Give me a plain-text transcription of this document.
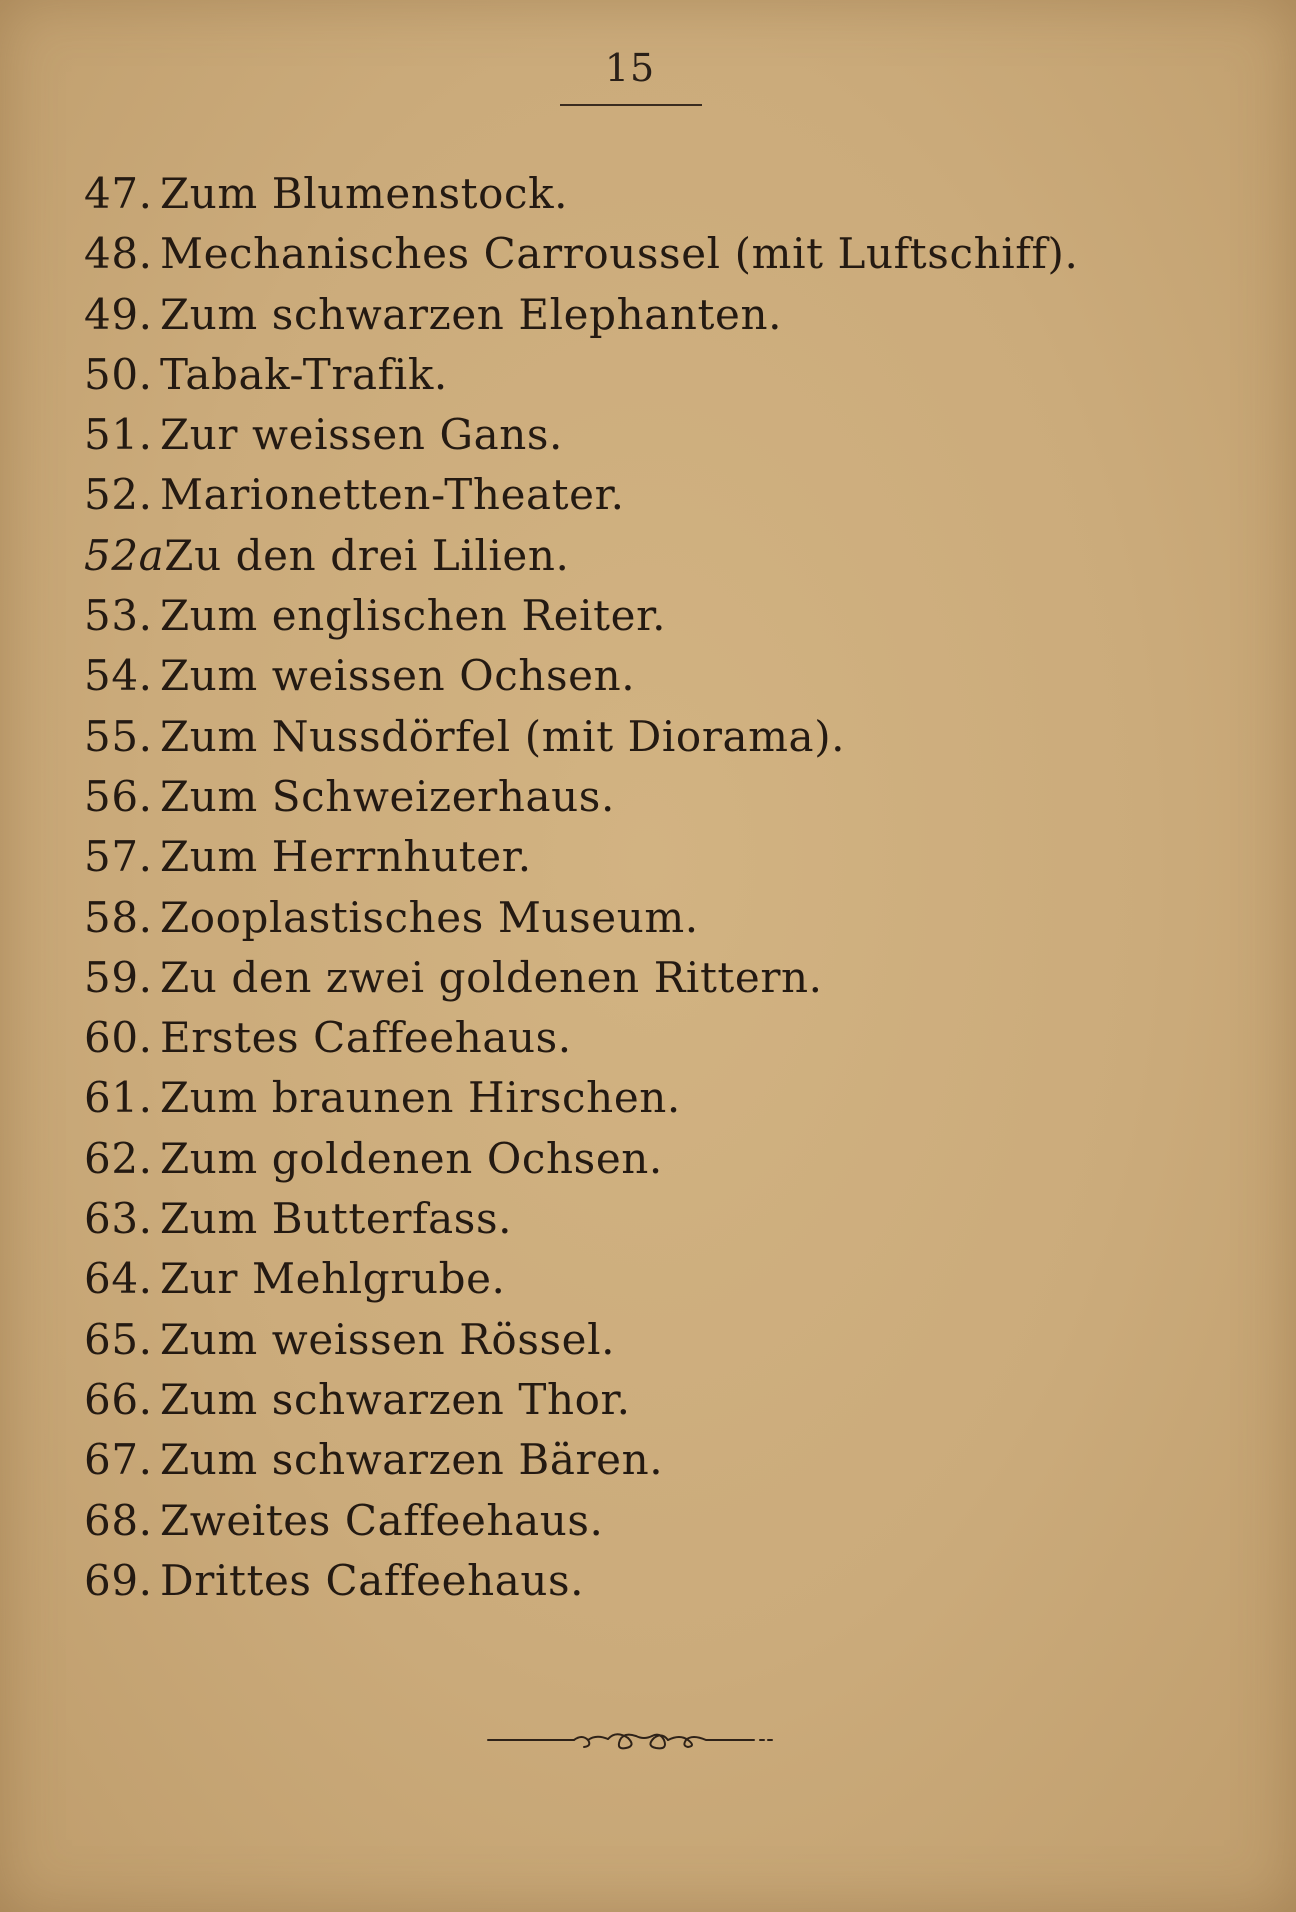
15
47. Zum Blumenstock.
48. Mechanisches Carroussel (mit Luftschiff).
49. Zum schwarzen Elephanten.
50. Tabak-Trafik.
51. Zur weissen Gans.
52. Marionetten-Theater.
52aZu den drei Lilien.
53. Zum englischen Reiter.
54. Zum weissen Ochsen.
55. Zum Nussdörfel (mit Diorama).
56. Zum Schweizerhaus.
57. Zum Herrnhuter.
58. Zooplastisches Museum.
59. Zu den zwei goldenen Rittern.
60. Erstes Caffeehaus.
61. Zum braunen Hirschen.
62. Zum goldenen Ochsen.
63. Zum Butterfass.
64. Zur Mehlgrube.
65. Zum weissen Rössel.
66. Zum schwarzen Thor.
67. Zum schwarzen Bären.
68. Zweites Caffeehaus.
69. Drittes Caffeehaus.
